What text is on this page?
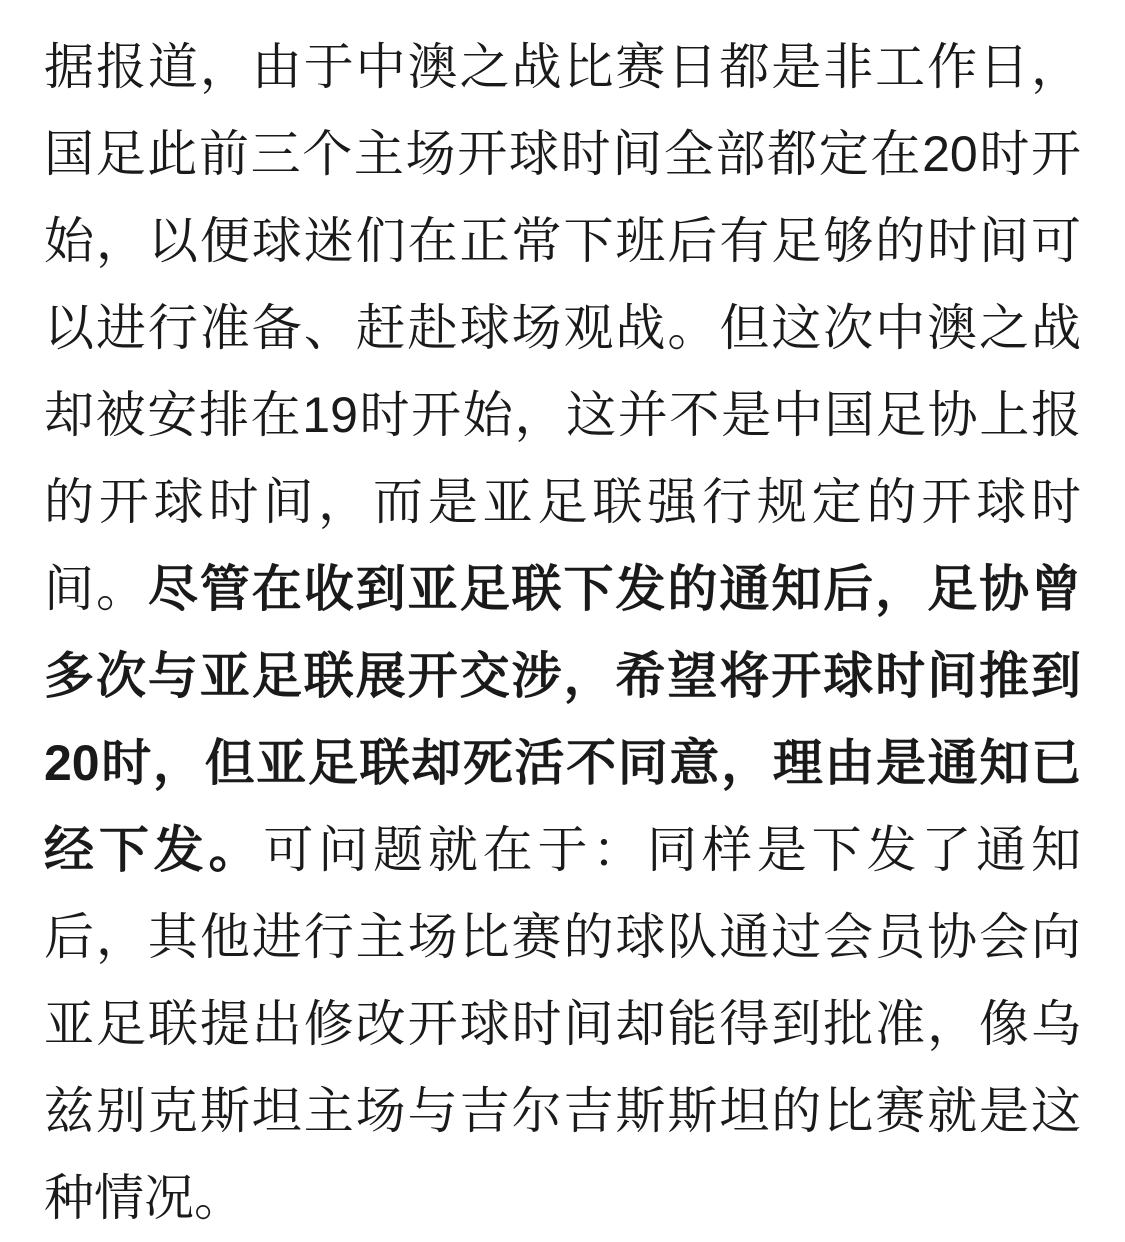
据报道，由于中澳之战比赛日都是非工作日，
国足此前三个主场开球时间全部都定在20时开
始，以便球迷们在正常下班后有足够的时间可
以进行准备、赶赴球场观战。但这次中澳之战
却被安排在19时开始，这并不是中国足协上报
的开球时间，而是亚足联强行规定的开球时
间。尽管在收到亚足联下发的通知后，足协曾
多次与亚足联展开交涉，希望将开球时间推到
20时，但亚足联却死活不同意，理由是通知已
经下发。可问题就在于：同样是下发了通知
后，其他进行主场比赛的球队通过会员协会向
亚足联提出修改开球时间却能得到批准，像乌
兹别克斯坦主场与吉尔吉斯斯坦的比赛就是这
种情况。
